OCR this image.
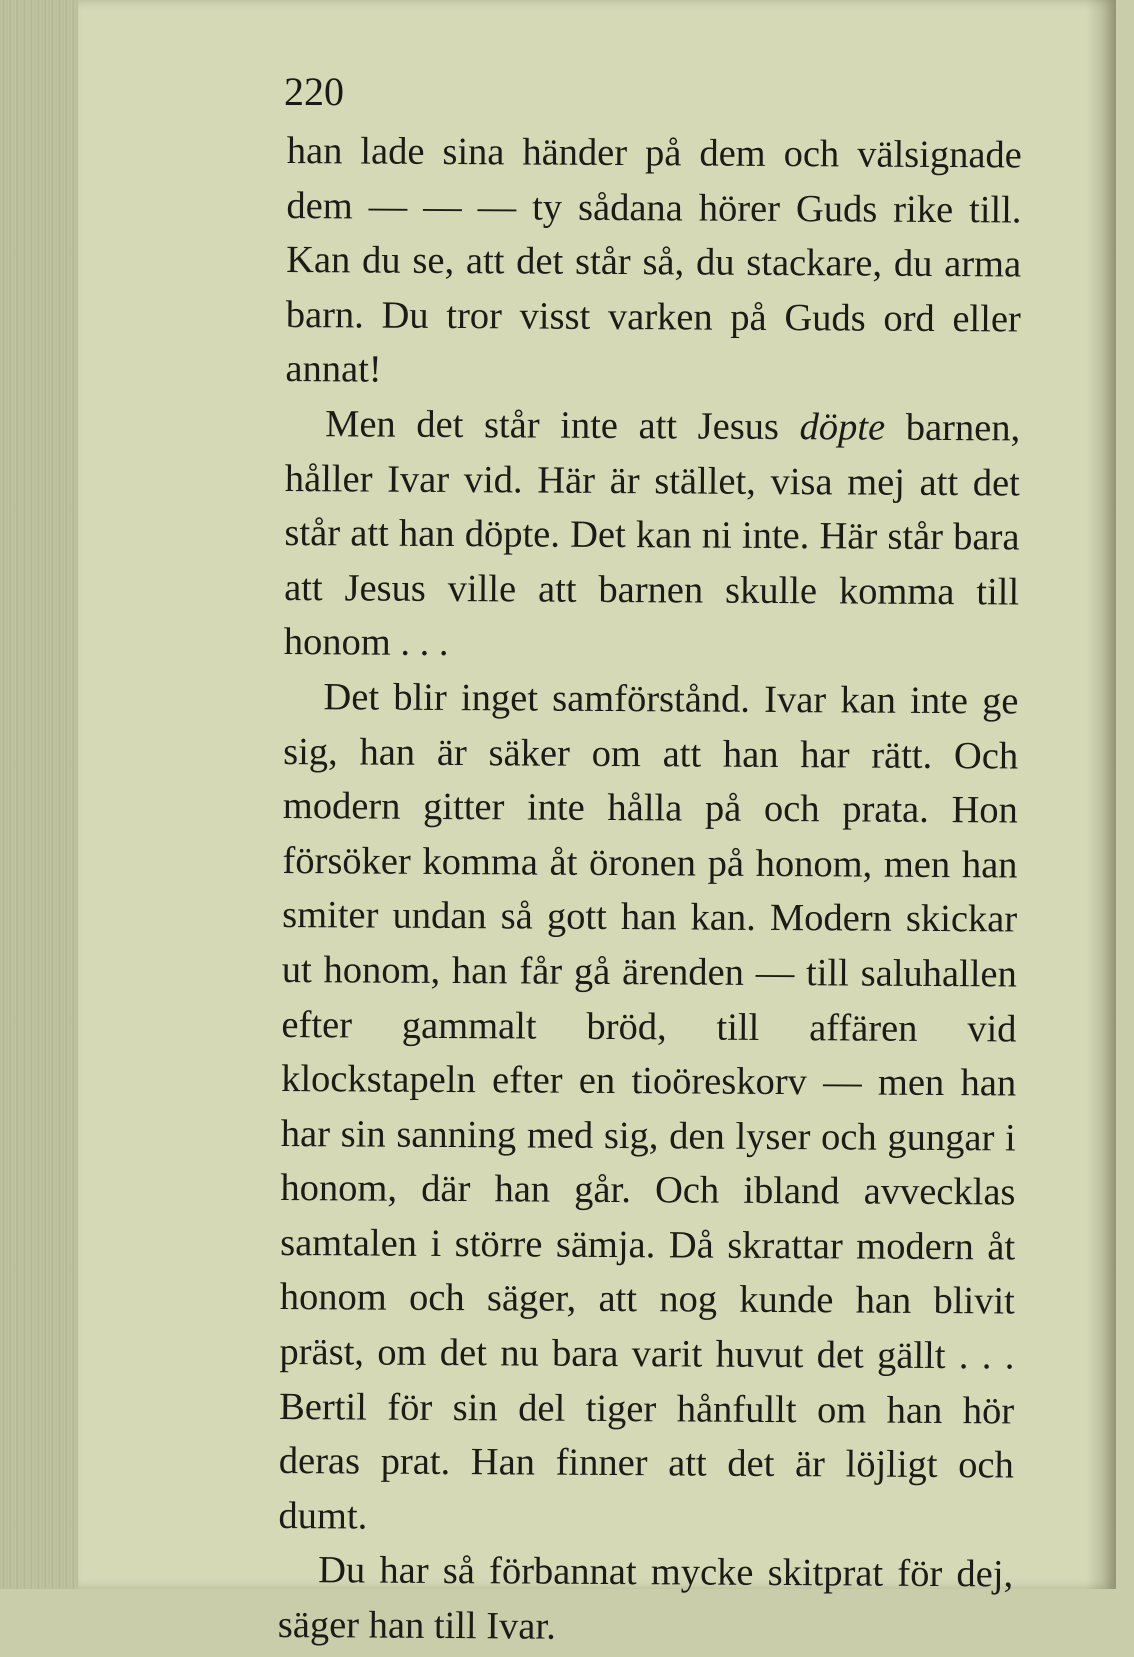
220

han lade sina händer på dem och välsignade dem — — — ty sådana hörer Guds rike till. Kan du se, att det står så, du stackare, du arma barn. Du tror visst varken på Guds ord eller annat!

Men det står inte att Jesus döpte barnen, håller Ivar vid. Här är stället, visa mej att det står att han döpte. Det kan ni inte. Här står bara att Jesus ville att barnen skulle komma till honom . . .

Det blir inget samförstånd. Ivar kan inte ge sig, han är säker om att han har rätt. Och modern gitter inte hålla på och prata. Hon försöker komma åt öronen på honom, men han smiter undan så gott han kan. Modern skickar ut honom, han får gå ärenden — till saluhallen efter gammalt bröd, till affären vid klockstapeln efter en tioöreskorv — men han har sin sanning med sig, den lyser och gungar i honom, där han går. Och ibland avvecklas samtalen i större sämja. Då skrattar modern åt honom och säger, att nog kunde han blivit präst, om det nu bara varit huvut det gällt . . . Bertil för sin del tiger hånfullt om han hör deras prat. Han finner att det är löjligt och dumt.

Du har så förbannat mycke skitprat för dej, säger han till Ivar.
